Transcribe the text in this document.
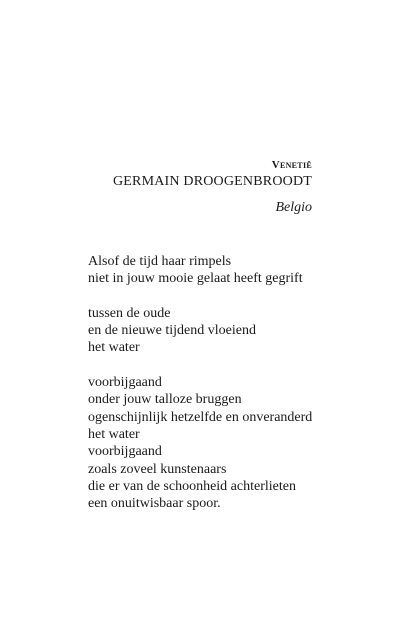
Venetië
GERMAIN DROOGENBROODT
Belgio
Alsof de tijd haar rimpels
niet in jouw mooie gelaat heeft gegrift
tussen de oude
en de nieuwe tijdend vloeiend
het water
voorbijgaand
onder jouw talloze bruggen
ogenschijnlijk hetzelfde en onveranderd
het water
voorbijgaand
zoals zoveel kunstenaars
die er van de schoonheid achterlieten
een onuitwisbaar spoor.
